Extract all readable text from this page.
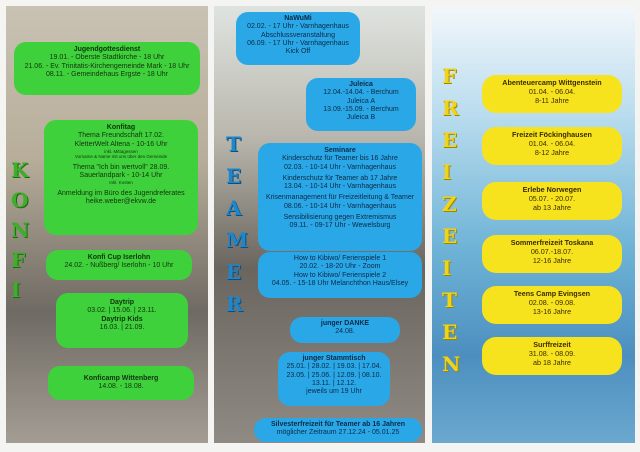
Jugendgottesdienst
19.01. - Oberste Stadtkirche - 18 Uhr
21.06. - Ev. Trinitatis-Kirchengemeinde Mark - 18 Uhr
08.11. - Gemeindehaus Ergste - 18 Uhr
Konfitag
Thema Freundschaft 17.02.
KletterWelt Altena - 10-16 Uhr
inkl. Mittagessen
Vorname & Name mit uns über den Gemeinde
Thema "Ich bin wertvoll" 28.09.
Sauerlandpark - 10-14 Uhr
Inkl. Kosten
Anmeldung im Büro des Jugendreferates
heike.weber@ekvw.de
Konfi Cup Iserlohn
24.02. - Nußberg/ Iserlohn - 10 Uhr
Daytrip
03.02. | 15.06. | 23.11.
Daytrip Kids
16.03. | 21.09.
Konficamp Wittenberg
14.08. - 18.08.
K
O
N
F
I
NaWuMi
02.02. - 17 Uhr - Varnhagenhaus
Abschlussveranstaltung
06.09. - 17 Uhr - Varnhagenhaus
Kick Off
Juleica
12.04.-14.04. - Berchum
Juleica A
13.09.-15.09. - Berchum
Juleica B
Seminare
Kinderschutz für Teamer bis 16 Jahre
02.03. - 10-14 Uhr - Varnhagenhaus
Kinderschutz für Teamer ab 17 Jahre
13.04. - 10-14 Uhr - Varnhagenhaus
Krisenmanagement für Freizeitleitung & Teamer
08.06. - 10-14 Uhr - Varnhagenhaus
Sensibilisierung gegen Extremismus
09.11. - 09-17 Uhr - Wewelsburg
How to Kibiwo/ Ferienspiele 1
20.02. - 18-20 Uhr - Zoom
How to Kibiwo/ Ferienspiele 2
04.05. - 15-18 Uhr Melanchthon Haus/Elsey
junger DANKE
24.08.
junger Stammtisch
25.01. | 28.02. | 19.03. | 17.04.
23.05. | 25.06. | 12.09. | 08.10.
13.11. | 12.12.
jeweils um 19 Uhr
Silvesterfreizeit für Teamer ab 16 Jahren
möglicher Zeitraum 27.12.24 - 05.01.25
T
E
A
M
E
R
Abenteuercamp Wittgenstein
01.04. - 06.04.
8-11 Jahre
Freizeit Föckinghausen
01.04. - 06.04.
8-12 Jahre
Erlebe Norwegen
05.07. - 20.07.
ab 13 Jahre
Sommerfreizeit Toskana
06.07.-18.07.
12-16 Jahre
Teens Camp Evingsen
02.08. - 09.08.
13-16 Jahre
Surffreizeit
31.08. - 08.09.
ab 18 Jahre
F
R
E
I
Z
E
I
T
E
N
